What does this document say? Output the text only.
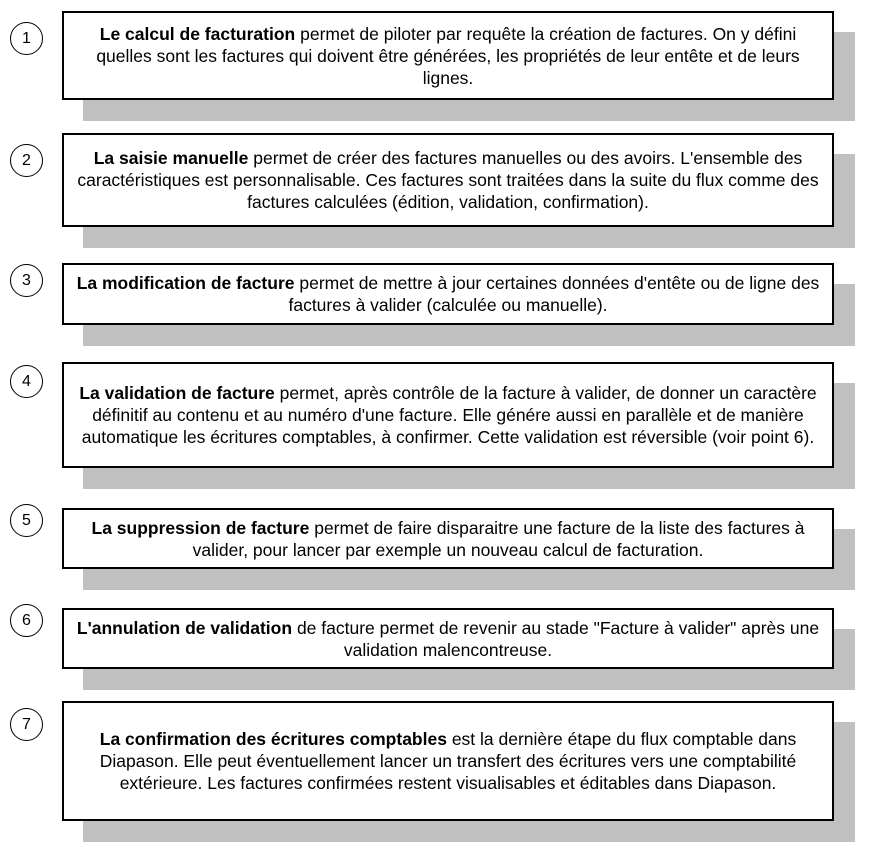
1	Le calcul de facturation permet de piloter par requête la création de factures. On y défini quelles sont les factures qui doivent être générées, les propriétés de leur entête et de leurs lignes.

2	La saisie manuelle permet de créer des factures manuelles ou des avoirs. L'ensemble des caractéristiques est personnalisable. Ces factures sont traitées dans la suite du flux comme des factures calculées (édition, validation, confirmation).

3	La modification de facture permet de mettre à jour certaines données d'entête ou de ligne des factures à valider (calculée ou manuelle).

4

La validation de facture permet, après contrôle de la facture à valider, de donner un caractère définitif au contenu et au numéro d'une facture. Elle génére aussi en parallèle et de manière automatique les écritures comptables, à confirmer. Cette validation est réversible (voir point 6).

5	La suppression de facture permet de faire disparaitre une facture de la liste des factures à valider, pour lancer par exemple un nouveau calcul de facturation.

6	L'annulation de validation de facture permet de revenir au stade "Facture à valider" après une validation malencontreuse.

7

La confirmation des écritures comptables est la dernière étape du flux comptable dans Diapason. Elle peut éventuellement lancer un transfert des écritures vers une comptabilité extérieure. Les factures confirmées restent visualisables et éditables dans Diapason.
